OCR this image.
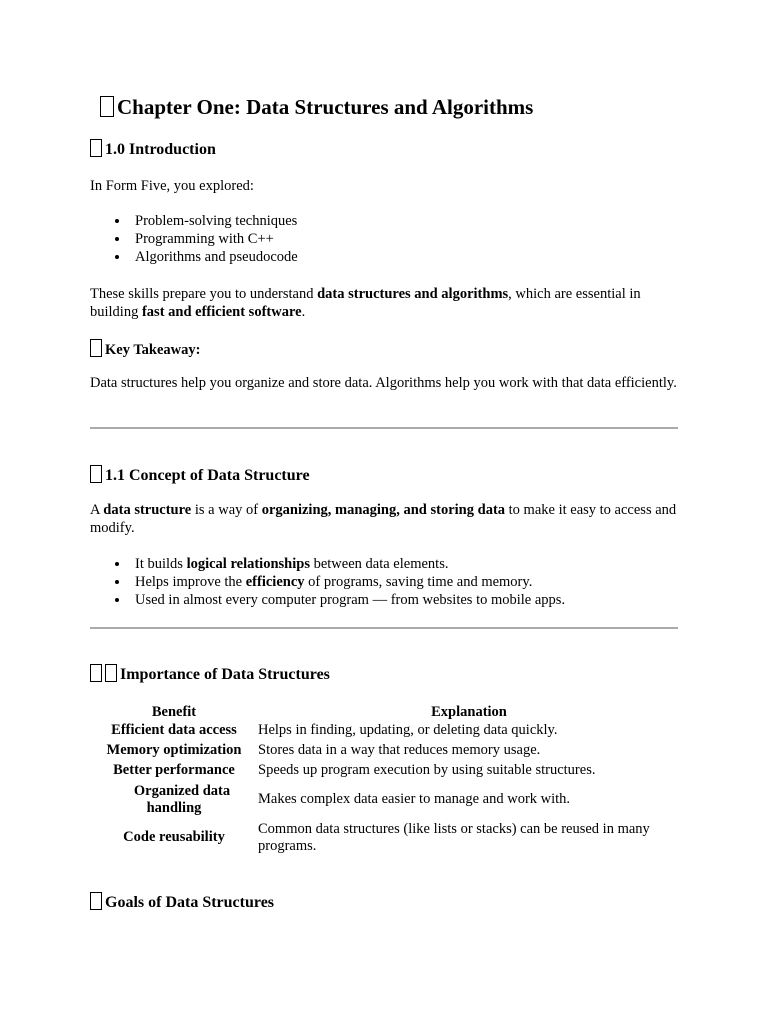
Chapter One: Data Structures and Algorithms
1.0 Introduction

In Form Five, you explored:

Problem-solving techniques
Programming with C++
Algorithms and pseudocode

These skills prepare you to understand data structures and algorithms, which are essential in building fast and efficient software.

Key Takeaway:

Data structures help you organize and store data. Algorithms help you work with that data efficiently.

1.1 Concept of Data Structure

A data structure is a way of organizing, managing, and storing data to make it easy to access and modify.

It builds logical relationships between data elements.
Helps improve the efficiency of programs, saving time and memory.
Used in almost every computer program — from websites to mobile apps.
Importance of Data Structures
Benefit	Explanation
Efficient data access	Helps in finding, updating, or deleting data quickly.
Memory optimization	Stores data in a way that reduces memory usage.
Better performance	Speeds up program execution by using suitable structures.

Organized data
handling	Makes complex data easier to manage and work with.
Code reusability	Common data structures (like lists or stacks) can be reused in many programs.
Goals of Data Structures
